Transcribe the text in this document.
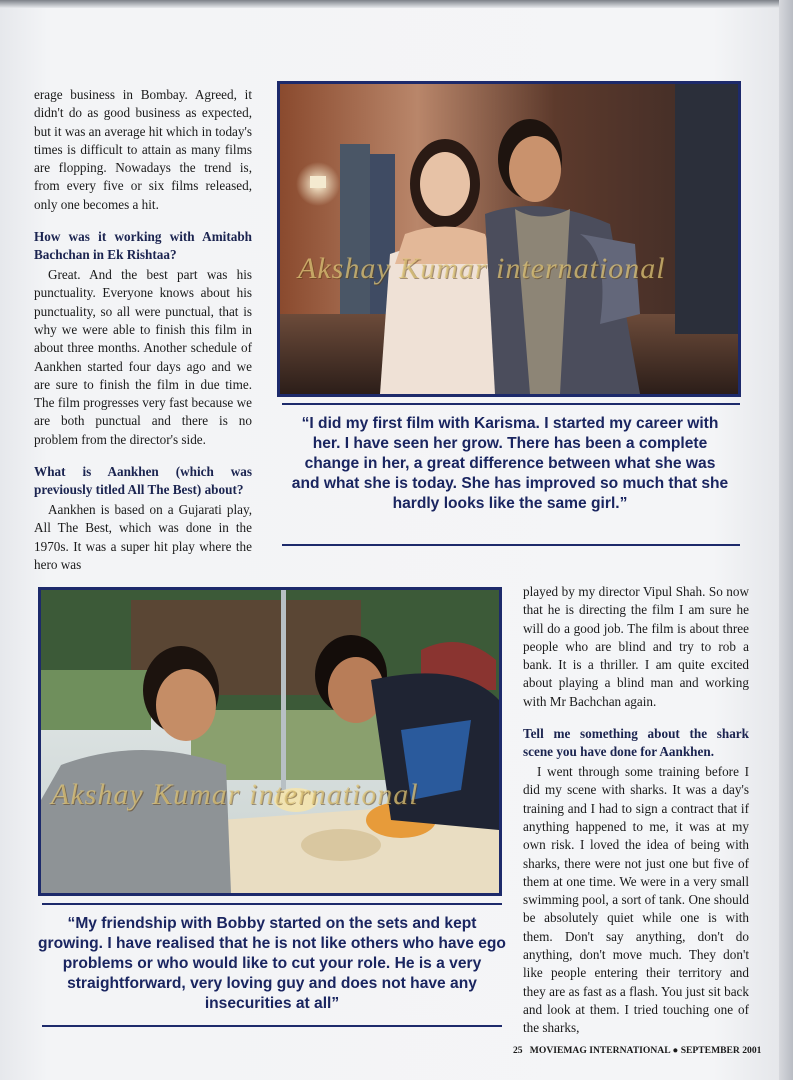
erage business in Bombay. Agreed, it didn't do as good business as expected, but it was an average hit which in today's times is difficult to attain as many films are flopping. Nowadays the trend is, from every five or six films released, only one becomes a hit.

How was it working with Amitabh Bachchan in Ek Rishtaa?

Great. And the best part was his punctuality. Everyone knows about his punctuality, so all were punctual, that is why we were able to finish this film in about three months. Another schedule of Aankhen started four days ago and we are sure to finish the film in due time. The film progresses very fast because we are both punctual and there is no problem from the director's side.

What is Aankhen (which was previously titled All The Best) about?

Aankhen is based on a Gujarati play, All The Best, which was done in the 1970s. It was a super hit play where the hero was

Akshay Kumar international
“I did my first film with Karisma. I started my career with her. I have seen her grow. There has been a complete change in her, a great difference between what she was and what she is today. She has improved so much that she hardly looks like the same girl.”
Akshay Kumar international

played by my director Vipul Shah. So now that he is directing the film I am sure he will do a good job. The film is about three people who are blind and try to rob a bank. It is a thriller. I am quite excited about playing a blind man and working with Mr Bachchan again.

Tell me something about the shark scene you have done for Aankhen.

I went through some training before I did my scene with sharks. It was a day's training and I had to sign a contract that if anything happened to me, it was at my own risk. I loved the idea of being with sharks, there were not just one but five of them at one time. We were in a very small swimming pool, a sort of tank. One should be absolutely quiet while one is with them. Don't say anything, don't do anything, don't move much. They don't like people entering their territory and they are as fast as a flash. You just sit back and look at them. I tried touching one of the sharks,

“My friendship with Bobby started on the sets and kept growing. I have realised that he is not like others who have ego problems or who would like to cut your role. He is a very straightforward, very loving guy and does not have any insecurities at all”
25 MOVIEMAG INTERNATIONAL ● SEPTEMBER 2001
